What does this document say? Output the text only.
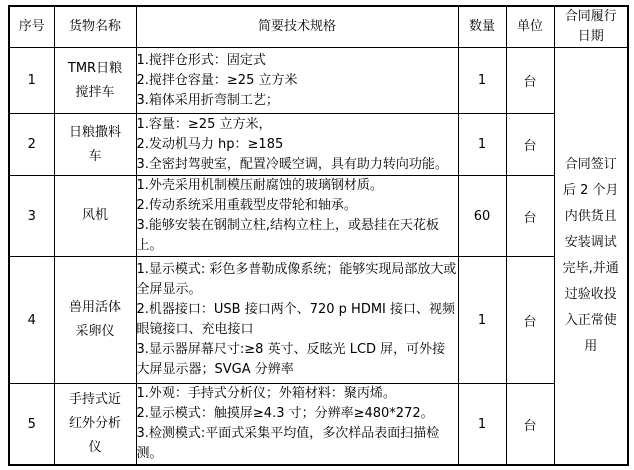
序号	货物名称	简要技术规格	数量	单位	合同履行日期

1	TMR日粮搅拌车	1.搅拌仓形式：固定式
2.搅拌仓容量：≥25 立方米
3.箱体采用折弯制工艺；	1	台	合同签订后 2 个月内供货且安装调试完毕,并通过验收投入正常使用

2	日粮撒料车	1.容量：≥25 立方米，
2.发动机马力 hp：≥185
3.全密封驾驶室，配置冷暖空调，具有助力转向功能。	1	台	
3	风机	1.外壳采用机制模压耐腐蚀的玻璃钢材质。
2.传动系统采用重载型皮带轮和轴承。
3.能够安装在钢制立柱,结构立柱上，或悬挂在天花板上。	60	台	
4	兽用活体采卵仪	1.显示模式: 彩色多普勒成像系统；能够实现局部放大或全屏显示。
2.机器接口：USB 接口两个、720 p HDMI 接口、视频眼镜接口、充电接口
3.显示器屏幕尺寸:≥8 英寸、反眩光 LCD 屏，可外接大屏显示器；SVGA 分辨率	1	台	
5	手持式近红外分析仪	1.外观：手持式分析仪；外箱材料：聚丙烯。
2.显示模式：触摸屏≥4.3 寸；分辨率≥480*272。
3.检测模式:平面式采集平均值，多次样品表面扫描检测。	1	台	
